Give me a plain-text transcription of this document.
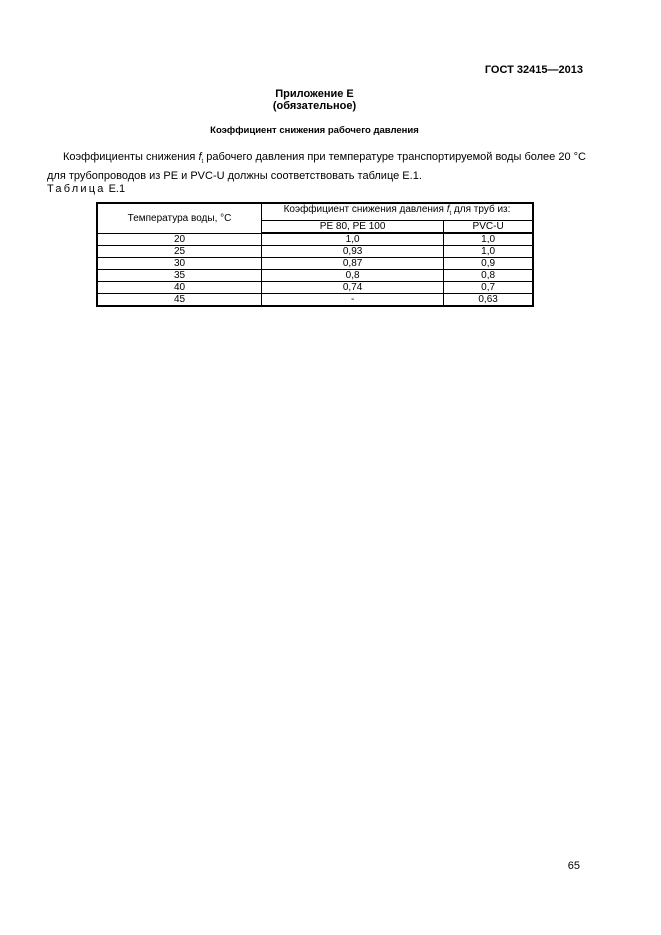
ГОСТ 32415—2013
Приложение Е
(обязательное)
Коэффициент снижения рабочего давления
Коэффициенты снижения $f_t$ рабочего давления при температуре транспортируемой воды более 20 °С для трубопроводов из PE и PVC-U должны соответствовать таблице Е.1.
Таблица Е.1
Температура воды, °С	Коэффициент снижения давления $f_t$ для труб из:	
	PE 80, PE 100	PVC-U
20	1,0	1,0
25	0,93	1,0
30	0,87	0,9
35	0,8	0,8
40	0,74	0,7
45	-	0,63
65
